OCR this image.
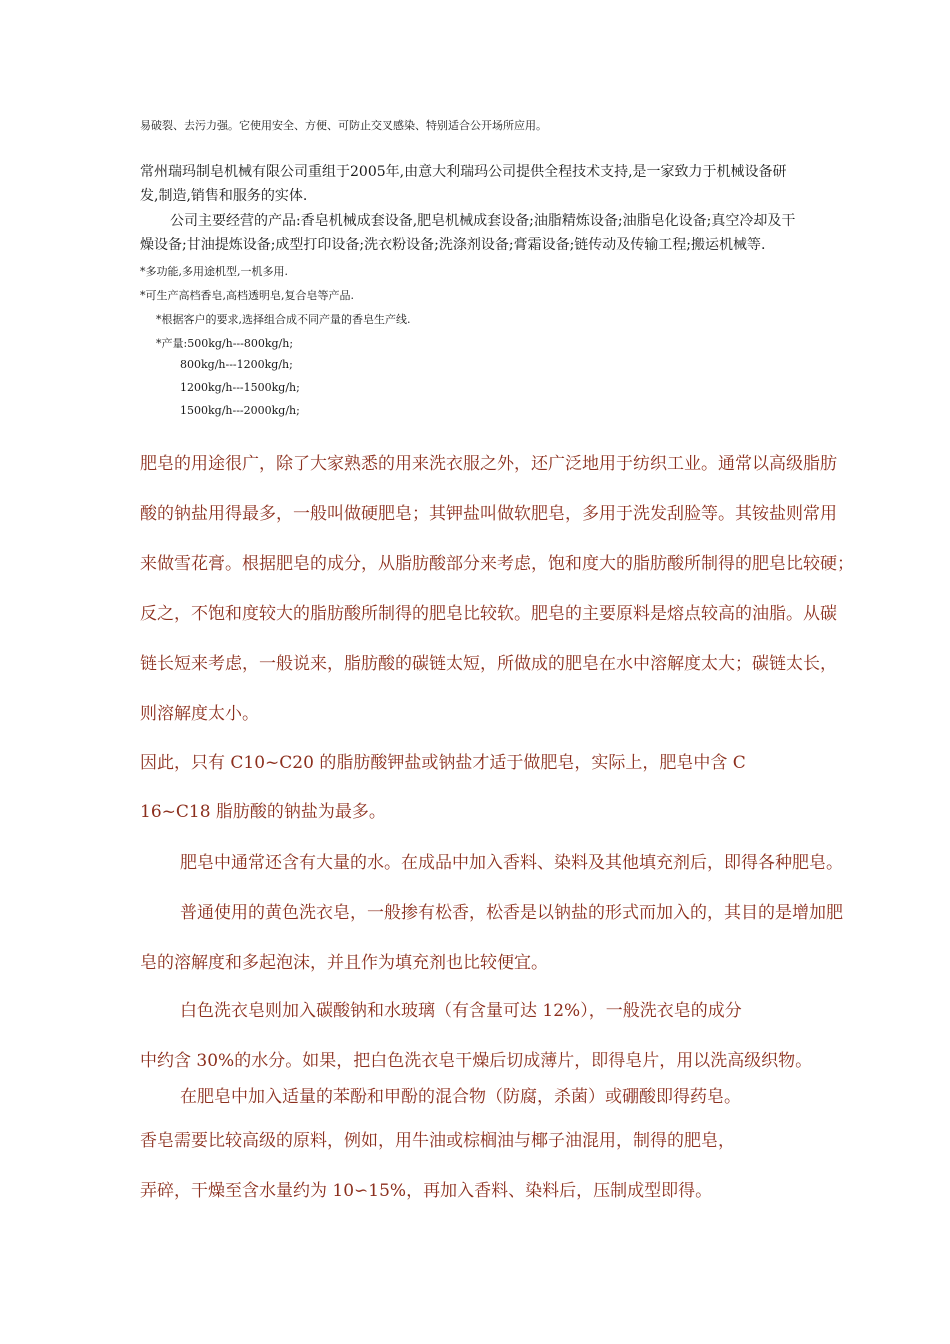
易破裂、去污力强。它使用安全、方便、可防止交叉感染、特别适合公开场所应用。
常州瑞玛制皂机械有限公司重组于2005年,由意大利瑞玛公司提供全程技术支持,是一家致力于机械设备研
发,制造,销售和服务的实体.
公司主要经营的产品:香皂机械成套设备,肥皂机械成套设备;油脂精炼设备;油脂皂化设备;真空冷却及干
燥设备;甘油提炼设备;成型打印设备;洗衣粉设备;洗涤剂设备;膏霜设备;链传动及传输工程;搬运机械等.
*多功能,多用途机型,一机多用.
*可生产高档香皂,高档透明皂,复合皂等产品.
*根据客户的要求,选择组合成不同产量的香皂生产线.
*产量:500kg/h---800kg/h;
800kg/h---1200kg/h;
1200kg/h---1500kg/h;
1500kg/h---2000kg/h;
肥皂的用途很广，除了大家熟悉的用来洗衣服之外，还广泛地用于纺织工业。通常以高级脂肪
酸的钠盐用得最多，一般叫做硬肥皂；其钾盐叫做软肥皂，多用于洗发刮脸等。其铵盐则常用
来做雪花膏。根据肥皂的成分，从脂肪酸部分来考虑，饱和度大的脂肪酸所制得的肥皂比较硬；
反之，不饱和度较大的脂肪酸所制得的肥皂比较软。肥皂的主要原料是熔点较高的油脂。从碳
链长短来考虑，一般说来，脂肪酸的碳链太短，所做成的肥皂在水中溶解度太大；碳链太长，
则溶解度太小。
因此，只有 C10~C20 的脂肪酸钾盐或钠盐才适于做肥皂，实际上，肥皂中含 C
16~C18 脂肪酸的钠盐为最多。
肥皂中通常还含有大量的水。在成品中加入香料、染料及其他填充剂后，即得各种肥皂。
普通使用的黄色洗衣皂，一般掺有松香，松香是以钠盐的形式而加入的，其目的是增加肥
皂的溶解度和多起泡沫，并且作为填充剂也比较便宜。
白色洗衣皂则加入碳酸钠和水玻璃（有含量可达 12%），一般洗衣皂的成分
中约含 30%的水分。如果，把白色洗衣皂干燥后切成薄片，即得皂片，用以洗高级织物。
在肥皂中加入适量的苯酚和甲酚的混合物（防腐，杀菌）或硼酸即得药皂。
香皂需要比较高级的原料，例如，用牛油或棕榈油与椰子油混用，制得的肥皂，
弄碎，干燥至含水量约为 10∽15%，再加入香料、染料后，压制成型即得。
